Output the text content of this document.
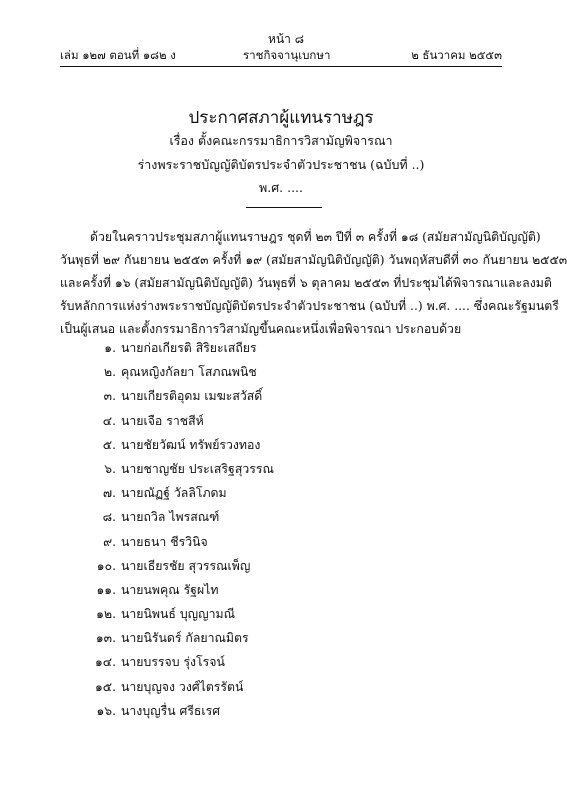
หน้า ๘
เล่ม ๑๒๗ ตอนที่ ๑๘๒ ง	ราชกิจจานุเบกษา	๒ ธันวาคม ๒๕๕๓
ประกาศสภาผู้แทนราษฎร
เรื่อง ตั้งคณะกรรมาธิการวิสามัญพิจารณา
ร่างพระราชบัญญัติบัตรประจำตัวประชาชน (ฉบับที่ ..)
พ.ศ. ....
ด้วยในคราวประชุมสภาผู้แทนราษฎร ชุดที่ ๒๓ ปีที่ ๓ ครั้งที่ ๑๘ (สมัยสามัญนิติบัญญัติ)
วันพุธที่ ๒๙ กันยายน ๒๕๕๓ ครั้งที่ ๑๙ (สมัยสามัญนิติบัญญัติ) วันพฤหัสบดีที่ ๓๐ กันยายน ๒๕๕๓
และครั้งที่ ๑๖ (สมัยสามัญนิติบัญญัติ) วันพุธที่ ๖ ตุลาคม ๒๕๕๓ ที่ประชุมได้พิจารณาและลงมติ
รับหลักการแห่งร่างพระราชบัญญัติบัตรประจำตัวประชาชน (ฉบับที่ ..) พ.ศ. .... ซึ่งคณะรัฐมนตรี
เป็นผู้เสนอ และตั้งกรรมาธิการวิสามัญขึ้นคณะหนึ่งเพื่อพิจารณา ประกอบด้วย
๑. นายก่อเกียรติ สิริยะเสถียร
๒. คุณหญิงกัลยา โสภณพนิช
๓. นายเกียรติอุดม เมฆะสวัสดิ์
๔. นายเจือ ราชสีห์
๕. นายชัยวัฒน์ ทรัพย์รวงทอง
๖. นายชาญชัย ประเสริฐสุวรรณ
๗. นายณัฏฐ์ วัลลิโภดม
๘. นายถวิล ไพรสณฑ์
๙. นายธนา ชีรวินิจ
๑๐. นายเธียรชัย สุวรรณเพ็ญ
๑๑. นายนพคุณ รัฐผไท
๑๒. นายนิพนธ์ บุญญามณี
๑๓. นายนิรันดร์ กัลยาณมิตร
๑๔. นายบรรจบ รุ่งโรจน์
๑๕. นายบุญจง วงศ์ไตรรัตน์
๑๖. นางบุญรื่น ศรีธเรศ
